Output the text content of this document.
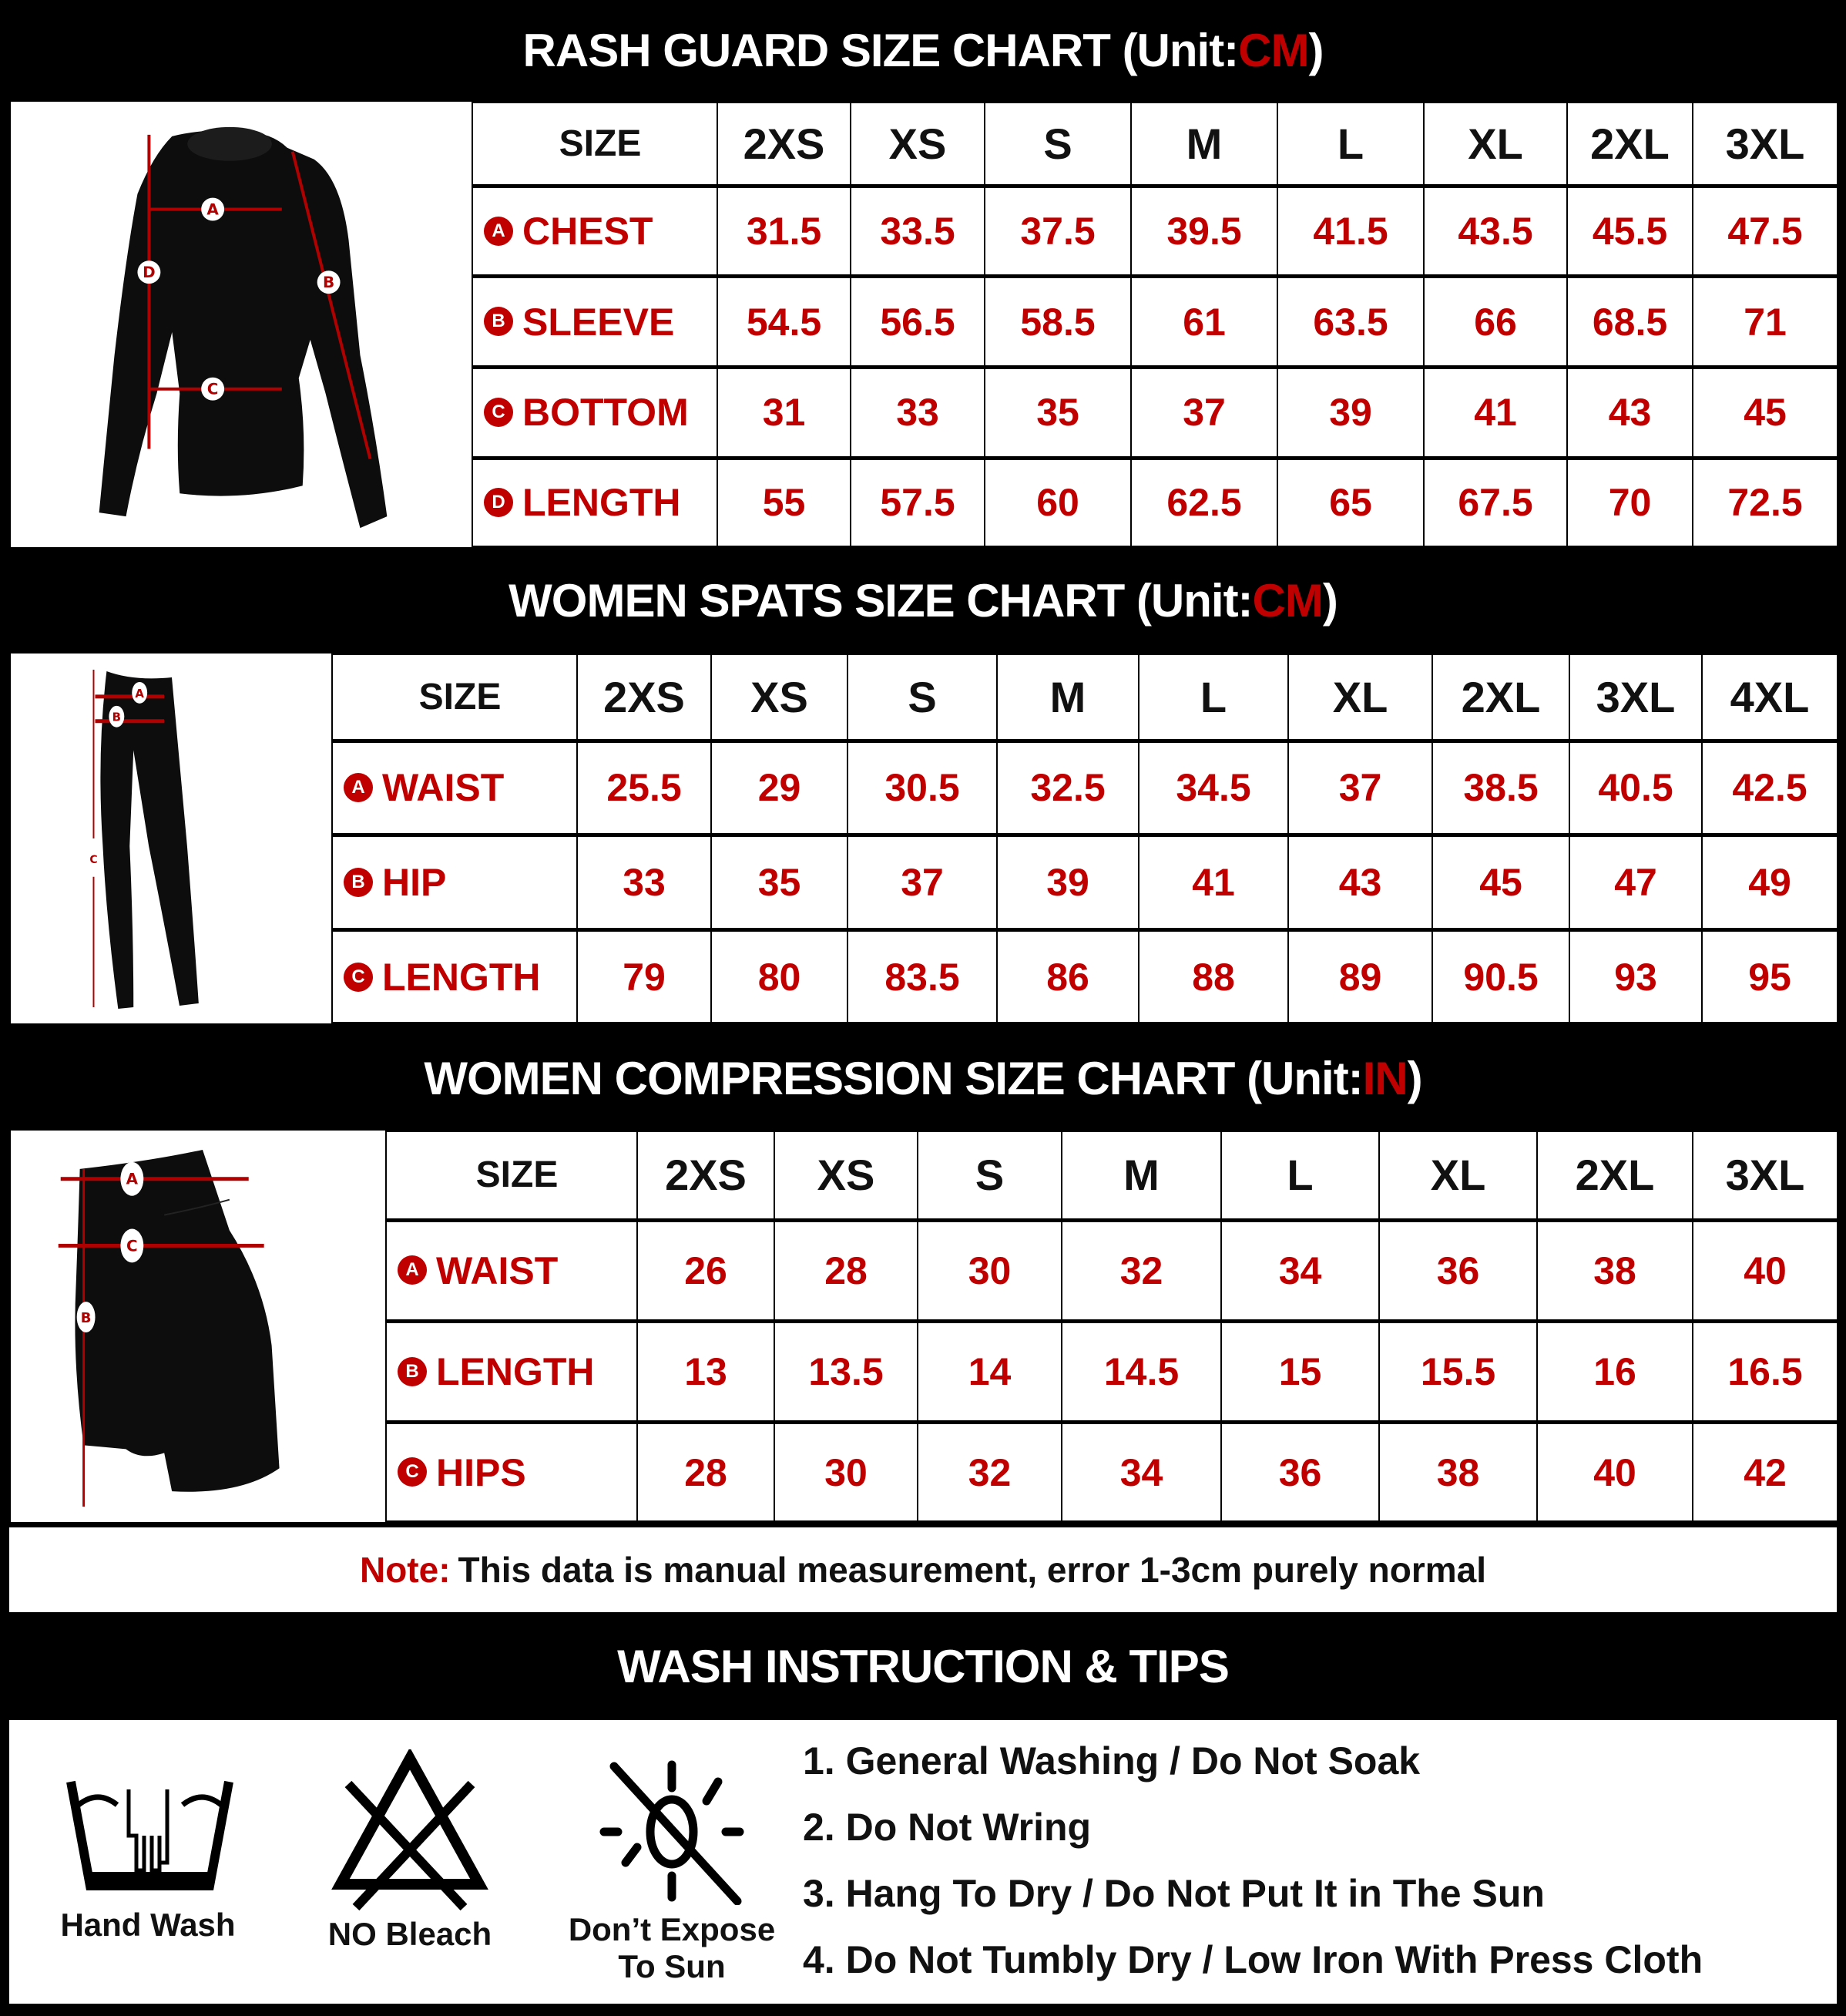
RASH GUARD SIZE CHART
(Unit: CM )
A
B
C
D
SIZE	2XS	XS	S	M	L	XL	2XL	3XL
A CHEST	31.5	33.5	37.5	39.5	41.5	43.5	45.5	47.5
B SLEEVE	54.5	56.5	58.5	61	63.5	66	68.5	71
C BOTTOM	31	33	35	37	39	41	43	45
D LENGTH	55	57.5	60	62.5	65	67.5	70	72.5
WOMEN SPATS SIZE CHART
(Unit: CM )
A
B
C
SIZE	2XS	XS	S	M	L	XL	2XL	3XL	4XL
A WAIST	25.5	29	30.5	32.5	34.5	37	38.5	40.5	42.5
B HIP	33	35	37	39	41	43	45	47	49
C LENGTH	79	80	83.5	86	88	89	90.5	93	95
WOMEN COMPRESSION SIZE CHART
(Unit: IN )
A
C
B
SIZE	2XS	XS	S	M	L	XL	2XL	3XL
A WAIST	26	28	30	32	34	36	38	40
B LENGTH	13	13.5	14	14.5	15	15.5	16	16.5
C HIPS	28	30	32	34	36	38	40	42
Note: This data is manual measurement, error 1-3cm purely normal
WASH INSTRUCTION & TIPS
Hand Wash	NO Bleach	Don’t Expose
To Sun
1. General Washing / Do Not Soak
2. Do Not Wring
3. Hang To Dry / Do Not Put It in The Sun
4. Do Not Tumbly Dry / Low Iron With Press Cloth
